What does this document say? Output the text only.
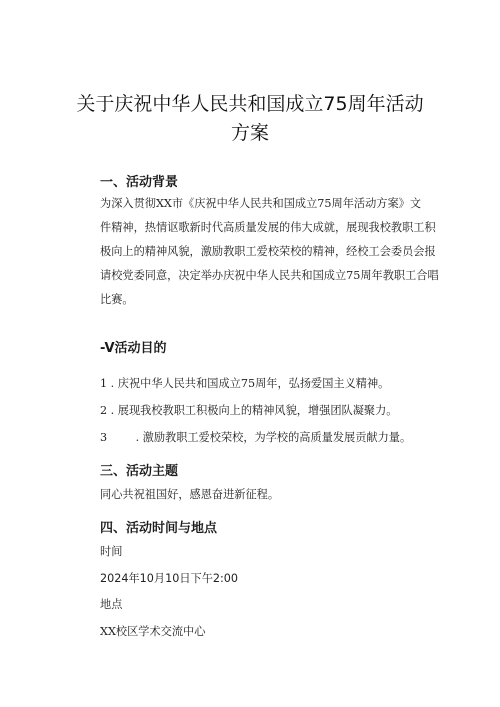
关于庆祝中华人民共和国成立75周年活动
方案
一、活动背景

为深入贯彻XX市《庆祝中华人民共和国成立75周年活动方案》文

件精神，热情讴歌新时代高质量发展的伟大成就，展现我校教职工积

极向上的精神风貌，激励教职工爱校荣校的精神，经校工会委员会报

请校党委同意，决定举办庆祝中华人民共和国成立75周年教职工合唱

比赛。

-V活动目的

1 . 庆祝中华人民共和国成立75周年，弘扬爱国主义精神。

2 . 展现我校教职工积极向上的精神风貌，增强团队凝聚力。

3        . 激励教职工爱校荣校，为学校的高质量发展贡献力量。

三、活动主题

同心共祝祖国好，感恩奋进新征程。

四、活动时间与地点

时间

2024年10月10日下午2:00

地点

XX校区学术交流中心
